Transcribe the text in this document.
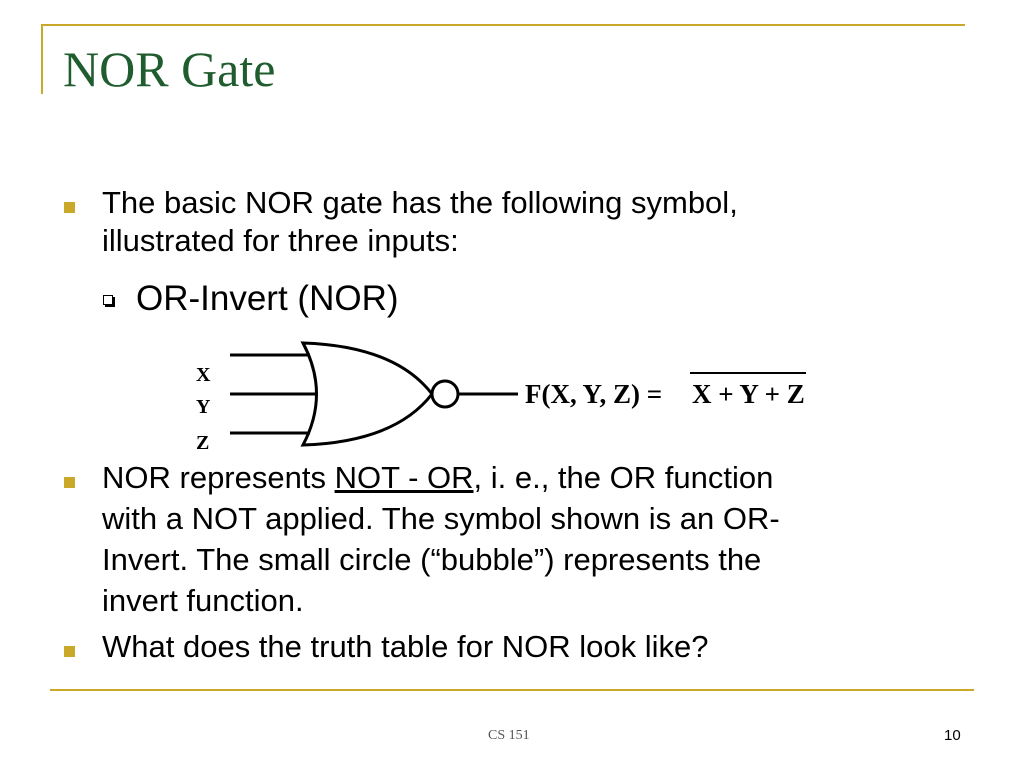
NOR Gate

The basic NOR gate has the following symbol,

illustrated for three inputs:

OR-Invert (NOR)

X
Y
Z
F(X, Y, Z) = X + Y + Z

NOR represents NOT - OR, i. e., the OR function

with a NOT applied. The symbol shown is an OR-

Invert. The small circle (“bubble”) represents the

invert function.

What does the truth table for NOR look like?

CS 151	10
